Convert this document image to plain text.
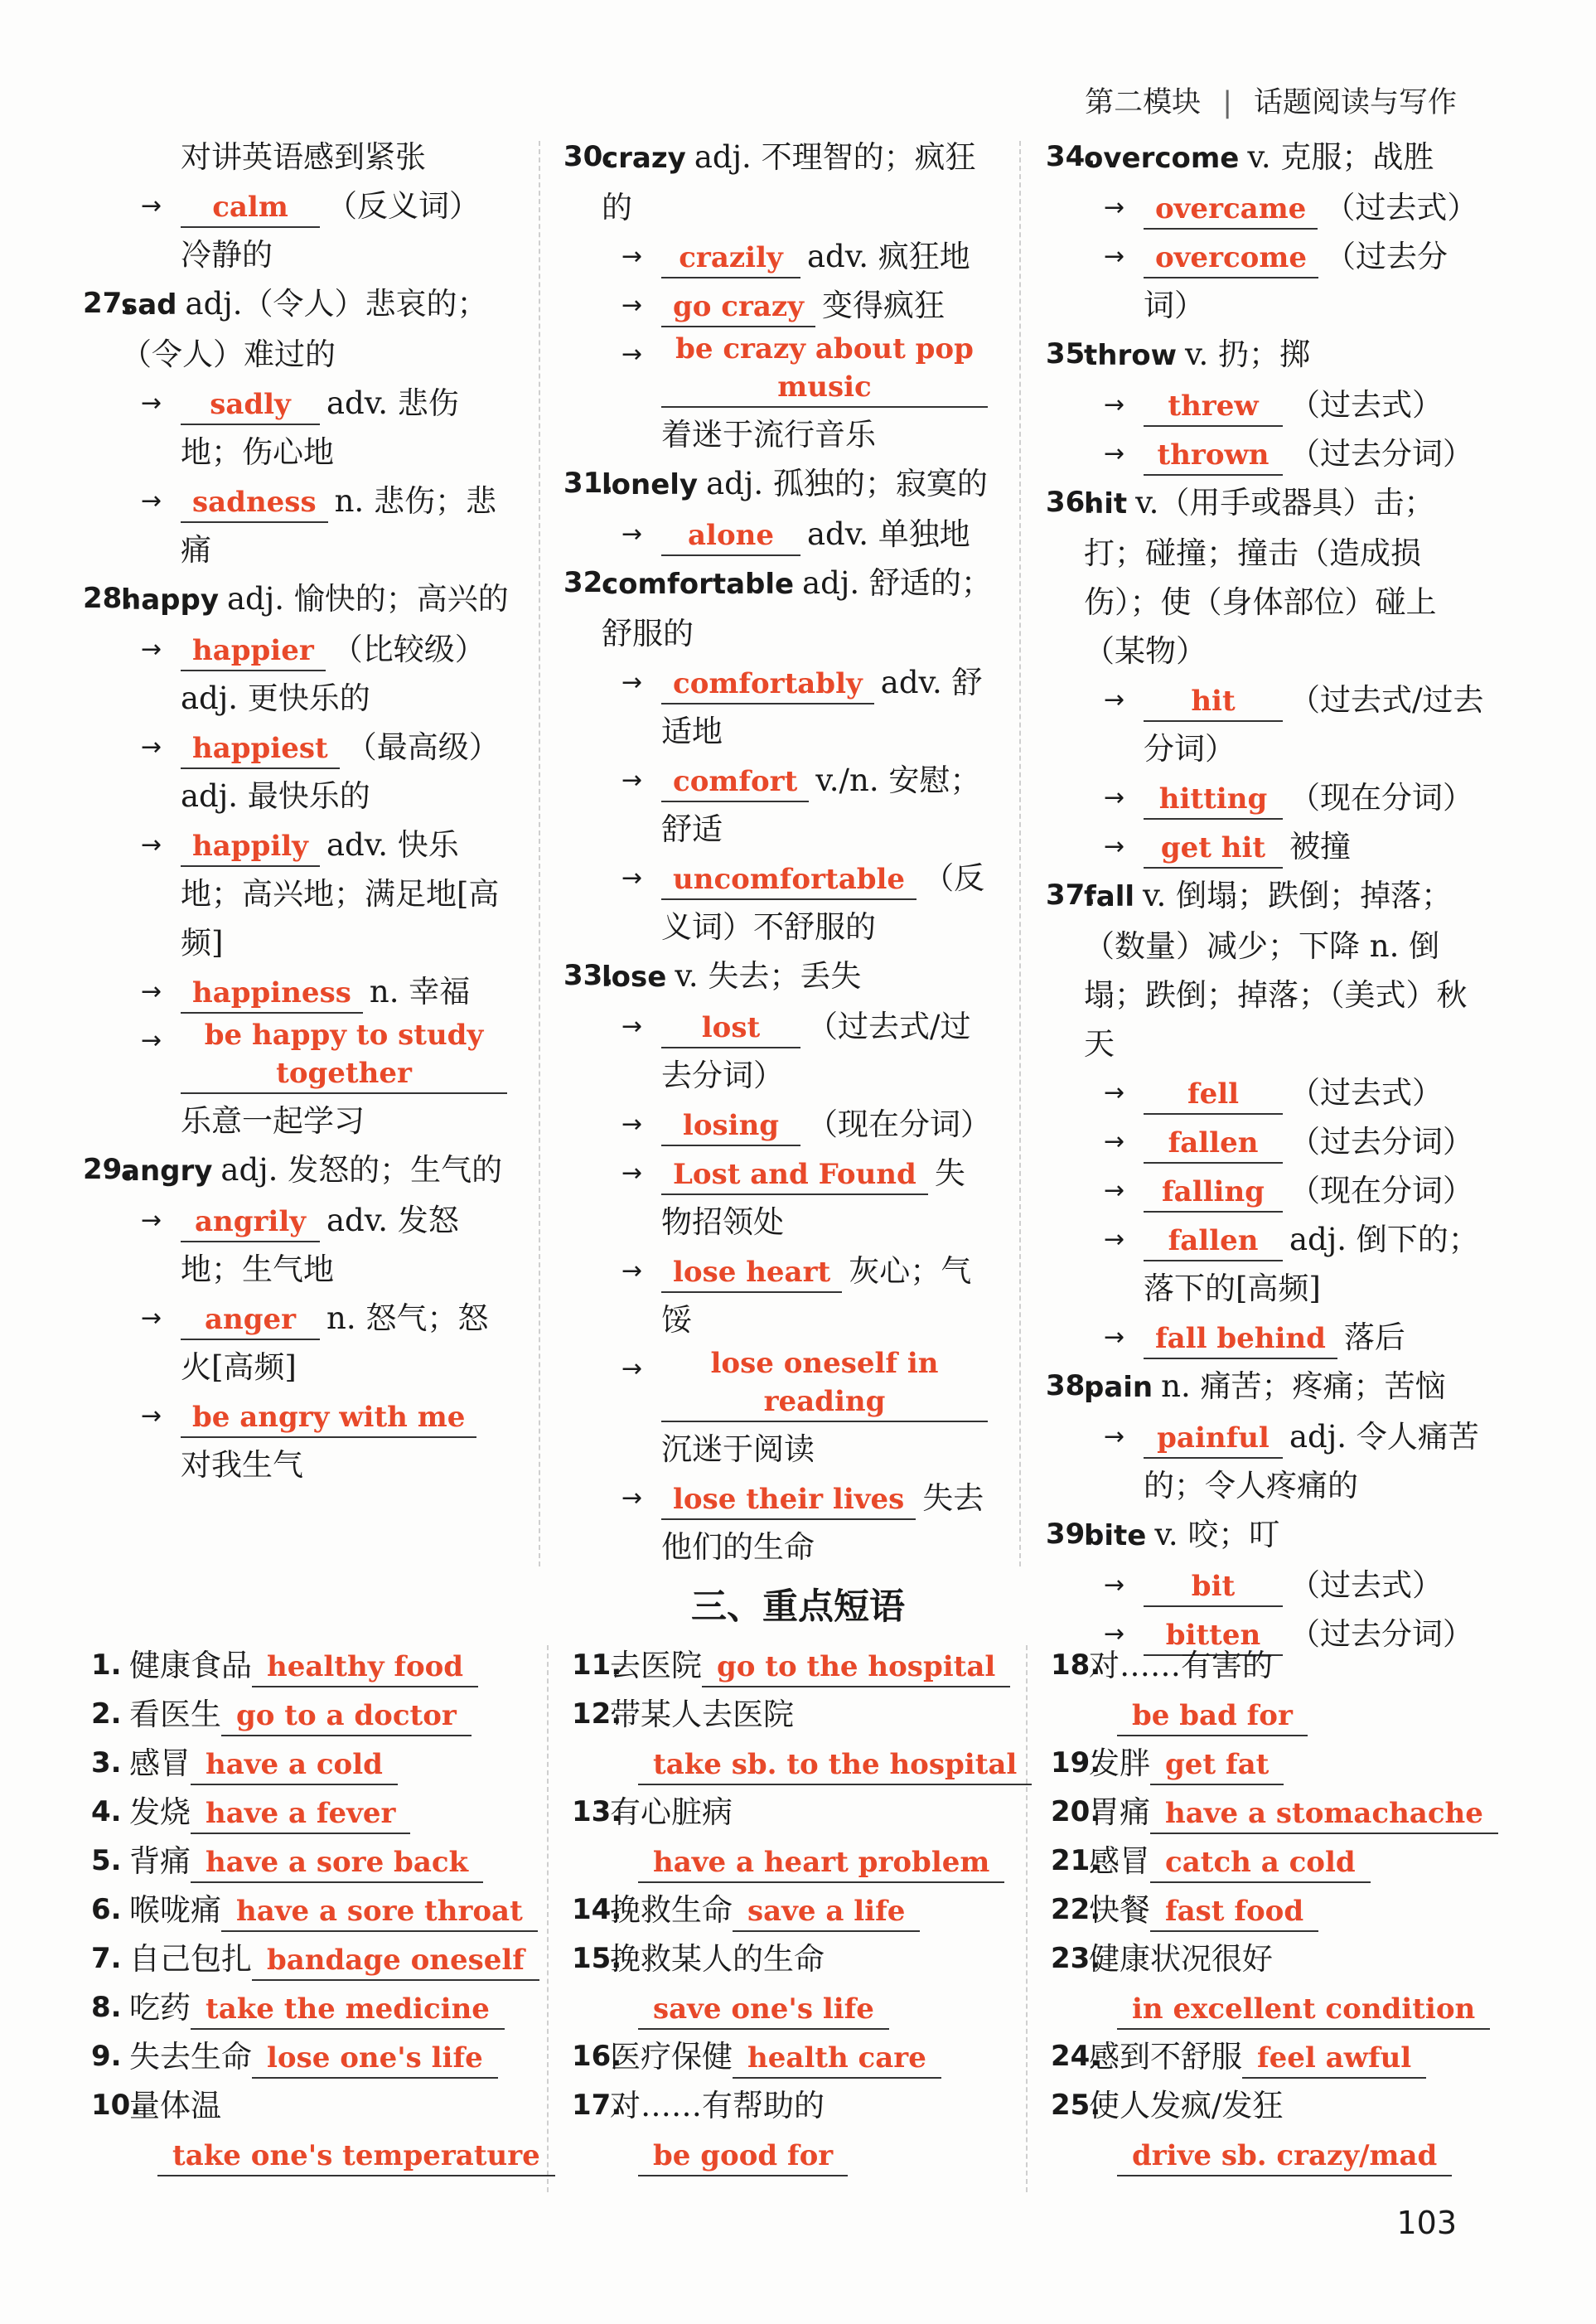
第二模块 | 话题阅读与写作
对讲英语感到紧张
→ calm （反义词）
冷静的
27.
sad adj.（令人）悲哀的；（令人）难过的
→ sadly adv. 悲伤地；伤心地
→ sadness n. 悲伤；悲痛
28.
happy adj. 愉快的；高兴的
→ happier （比较级）adj. 更快乐的
→ happiest （最高级）adj. 最快乐的
→ happily adv. 快乐地；高兴地；满足地[高频]
→ happiness n. 幸福
→ be happy to study together乐意一起学习
29.
angry adj. 发怒的；生气的
→ angrily adv. 发怒地；生气地
→ anger n. 怒气；怒火[高频]
→ be angry with me对我生气
30.
crazy adj. 不理智的；疯狂的
→ crazily adv. 疯狂地
→ go crazy 变得疯狂
→ be crazy about pop music着迷于流行音乐
31.
lonely adj. 孤独的；寂寞的
→ alone adv. 单独地
32.
comfortable adj. 舒适的；舒服的
→ comfortably adv. 舒适地
→ comfort v./n. 安慰；舒适
→ uncomfortable （反义词）不舒服的
33.
lose v. 失去；丢失
→ lost （过去式/过去分词）
→ losing （现在分词）
→ Lost and Found 失物招领处
→ lose heart 灰心；气馁
→ lose oneself in reading沉迷于阅读
→ lose their lives 失去他们的生命
34.
overcome v. 克服；战胜
→ overcame （过去式）
→ overcome （过去分词）
35.
throw v. 扔；掷
→ threw （过去式）
→ thrown （过去分词）
36.
hit v.（用手或器具）击；打；碰撞；撞击（造成损伤）；使（身体部位）碰上（某物）
→ hit （过去式/过去分词）
→ hitting （现在分词）
→ get hit 被撞
37.
fall v. 倒塌；跌倒；掉落；（数量）减少；下降 n. 倒塌；跌倒；掉落；（美式）秋天
→ fell （过去式）
→ fallen （过去分词）
→ falling （现在分词）
→ fallen adj. 倒下的；落下的[高频]
→ fall behind 落后
38.
pain n. 痛苦；疼痛；苦恼
→ painful adj. 令人痛苦的；令人疼痛的
39.
bite v. 咬；叮
→ bit （过去式）
→ bitten （过去分词）
三、重点短语
1. 健康食品 healthy food
2. 看医生 go to a doctor
3. 感冒 have a cold
4. 发烧 have a fever
5. 背痛 have a sore back
6. 喉咙痛 have a sore throat
7. 自己包扎 bandage oneself
8. 吃药 take the medicine
9. 失去生命 lose one's life
10.
量体温
take one's temperature
11.
去医院 go to the hospital
12.
带某人去医院
take sb. to the hospital
13.
有心脏病
have a heart problem
14.
挽救生命 save a life
15.
挽救某人的生命
save one's life
16.
医疗保健 health care
17.
对……有帮助的
be good for
18.
对……有害的
be bad for
19.
发胖 get fat
20.
胃痛 have a stomachache
21.
感冒 catch a cold
22.
快餐 fast food
23.
健康状况很好
in excellent condition
24.
感到不舒服 feel awful
25.
使人发疯/发狂
drive sb. crazy/mad
103
